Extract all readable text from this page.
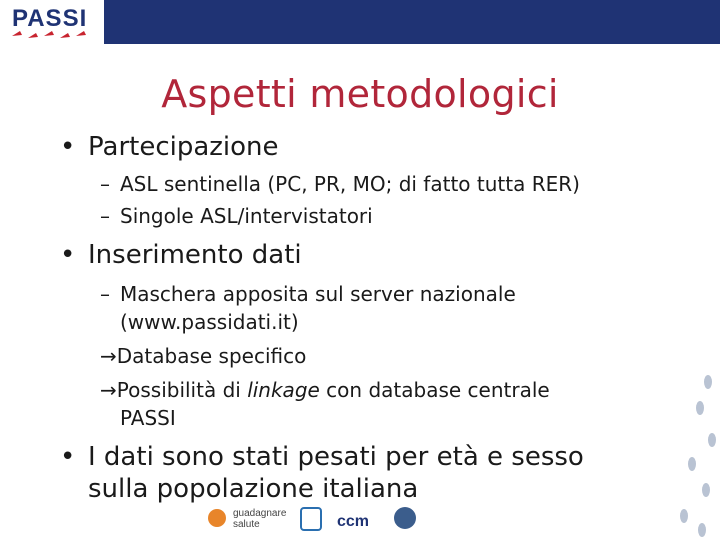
PASSI
Aspetti metodologici
• Partecipazione
– ASL sentinella (PC, PR, MO; di fatto tutta RER)
– Singole ASL/intervistatori
• Inserimento dati
– Maschera apposita sul server nazionale
(www.passidati.it)
→Database specifico
→Possibilità di linkage con database centrale
PASSI
• I dati sono stati pesati per età e sesso
sulla popolazione italiana
guadagnare
salute	ccm
